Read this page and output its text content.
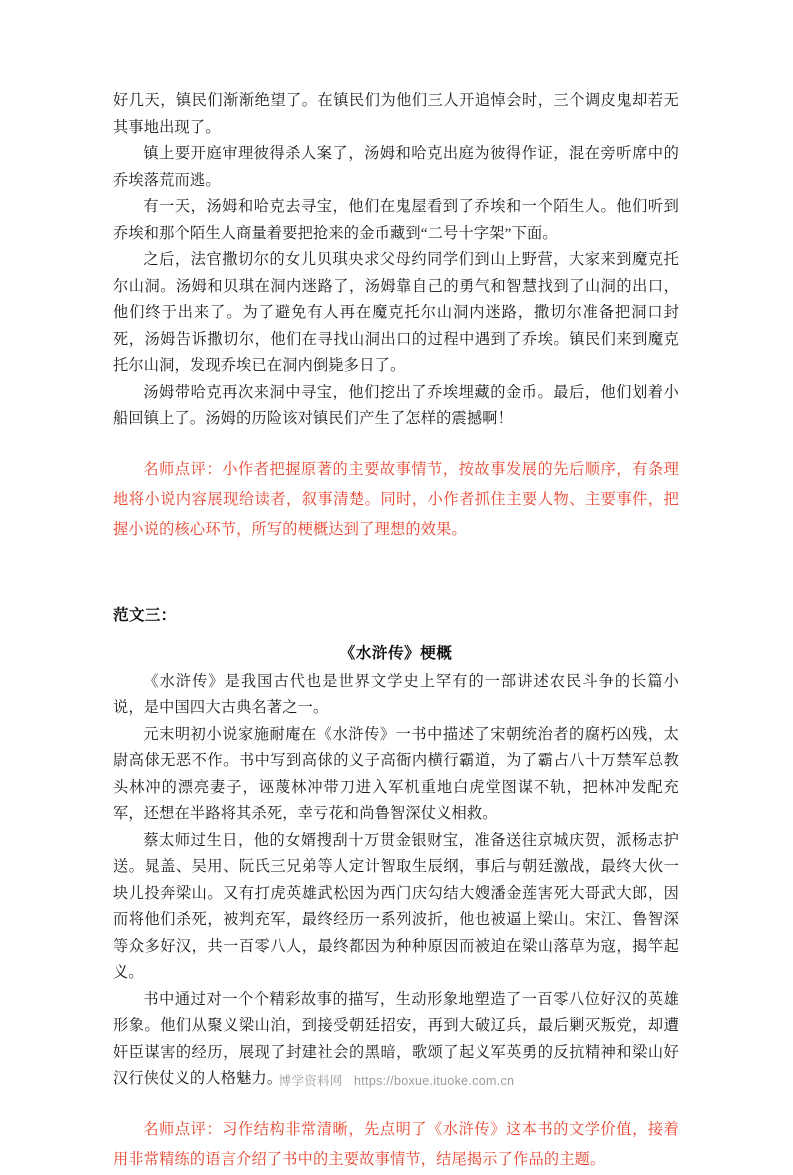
好几天，镇民们渐渐绝望了。在镇民们为他们三人开追悼会时，三个调皮鬼却若无其事地出现了。

镇上要开庭审理彼得杀人案了，汤姆和哈克出庭为彼得作证，混在旁听席中的乔埃落荒而逃。

有一天，汤姆和哈克去寻宝，他们在鬼屋看到了乔埃和一个陌生人。他们听到乔埃和那个陌生人商量着要把抢来的金币藏到“二号十字架”下面。

之后，法官撒切尔的女儿贝琪央求父母约同学们到山上野营，大家来到魔克托尔山洞。汤姆和贝琪在洞内迷路了，汤姆靠自己的勇气和智慧找到了山洞的出口，他们终于出来了。为了避免有人再在魔克托尔山洞内迷路，撒切尔准备把洞口封死，汤姆告诉撒切尔，他们在寻找山洞出口的过程中遇到了乔埃。镇民们来到魔克托尔山洞，发现乔埃已在洞内倒毙多日了。

汤姆带哈克再次来洞中寻宝，他们挖出了乔埃埋藏的金币。最后，他们划着小船回镇上了。汤姆的历险该对镇民们产生了怎样的震撼啊！

名师点评：小作者把握原著的主要故事情节，按故事发展的先后顺序，有条理地将小说内容展现给读者，叙事清楚。同时，小作者抓住主要人物、主要事件，把握小说的核心环节，所写的梗概达到了理想的效果。

范文三：

《水浒传》梗概

《水浒传》是我国古代也是世界文学史上罕有的一部讲述农民斗争的长篇小说，是中国四大古典名著之一。

元末明初小说家施耐庵在《水浒传》一书中描述了宋朝统治者的腐朽凶残，太尉高俅无恶不作。书中写到高俅的义子高衙内横行霸道，为了霸占八十万禁军总教头林冲的漂亮妻子，诬蔑林冲带刀进入军机重地白虎堂图谋不轨，把林冲发配充军，还想在半路将其杀死，幸亏花和尚鲁智深仗义相救。

蔡太师过生日，他的女婿搜刮十万贯金银财宝，准备送往京城庆贺，派杨志护送。晁盖、吴用、阮氏三兄弟等人定计智取生辰纲，事后与朝廷激战，最终大伙一块儿投奔梁山。又有打虎英雄武松因为西门庆勾结大嫂潘金莲害死大哥武大郎，因而将他们杀死，被判充军，最终经历一系列波折，他也被逼上梁山。宋江、鲁智深等众多好汉，共一百零八人，最终都因为种种原因而被迫在梁山落草为寇，揭竿起义。

书中通过对一个个精彩故事的描写，生动形象地塑造了一百零八位好汉的英雄形象。他们从聚义梁山泊，到接受朝廷招安，再到大破辽兵，最后剿灭叛党，却遭奸臣谋害的经历，展现了封建社会的黑暗，歌颂了起义军英勇的反抗精神和梁山好汉行侠仗义的人格魅力。

名师点评：习作结构非常清晰，先点明了《水浒传》这本书的文学价值，接着用非常精练的语言介绍了书中的主要故事情节，结尾揭示了作品的主题。

博学资料网 https://boxue.ituoke.com.cn
